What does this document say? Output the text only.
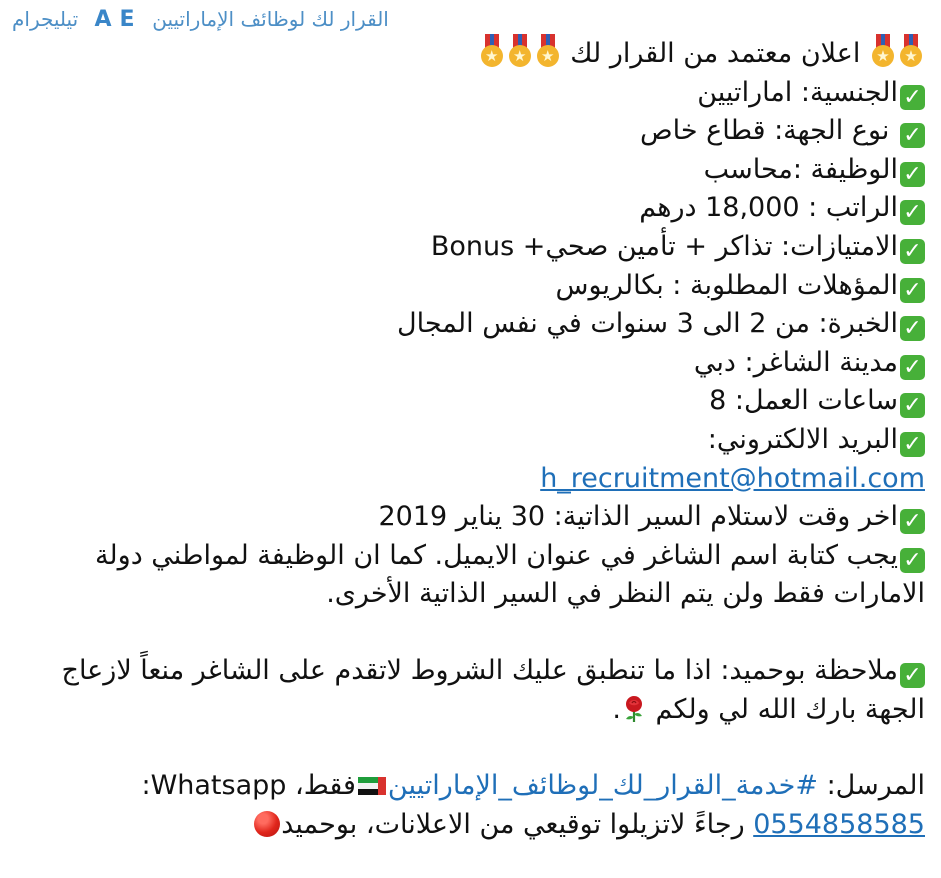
تيليجرام A E القرار لك لوظائف الإماراتيين
★
★
اعلان معتمد من القرار لك
★
★
★
✓الجنسية: اماراتيين
✓ نوع الجهة: قطاع خاص
✓الوظيفة :محاسب
✓الراتب : 18,000 درهم
✓الامتيازات: تذاكر + تأمين صحي+ Bonus
✓المؤهلات المطلوبة : بكالريوس
✓الخبرة: من 2 الى 3 سنوات في نفس المجال
✓مدينة الشاغر: دبي
✓ساعات العمل: 8
✓البريد الالكتروني:
h_recruitment@hotmail.com
✓اخر وقت لاستلام السير الذاتية: 30 يناير 2019
✓يجب كتابة اسم الشاغر في عنوان الايميل. كما ان الوظيفة لمواطني دولة الامارات فقط ولن يتم النظر في السير الذاتية الأخرى.
✓ملاحظة بوحميد: اذا ما تنطبق عليك الشروط لاتقدم على الشاغر منعاً لازعاج الجهة بارك الله لي ولكم .
المرسل: #خدمة_القرار_لك_لوظائف_الإماراتيين
فقط، Whatsapp:
0554858585 رجاءً لاتزيلوا توقيعي من الاعلانات، بوحميد
